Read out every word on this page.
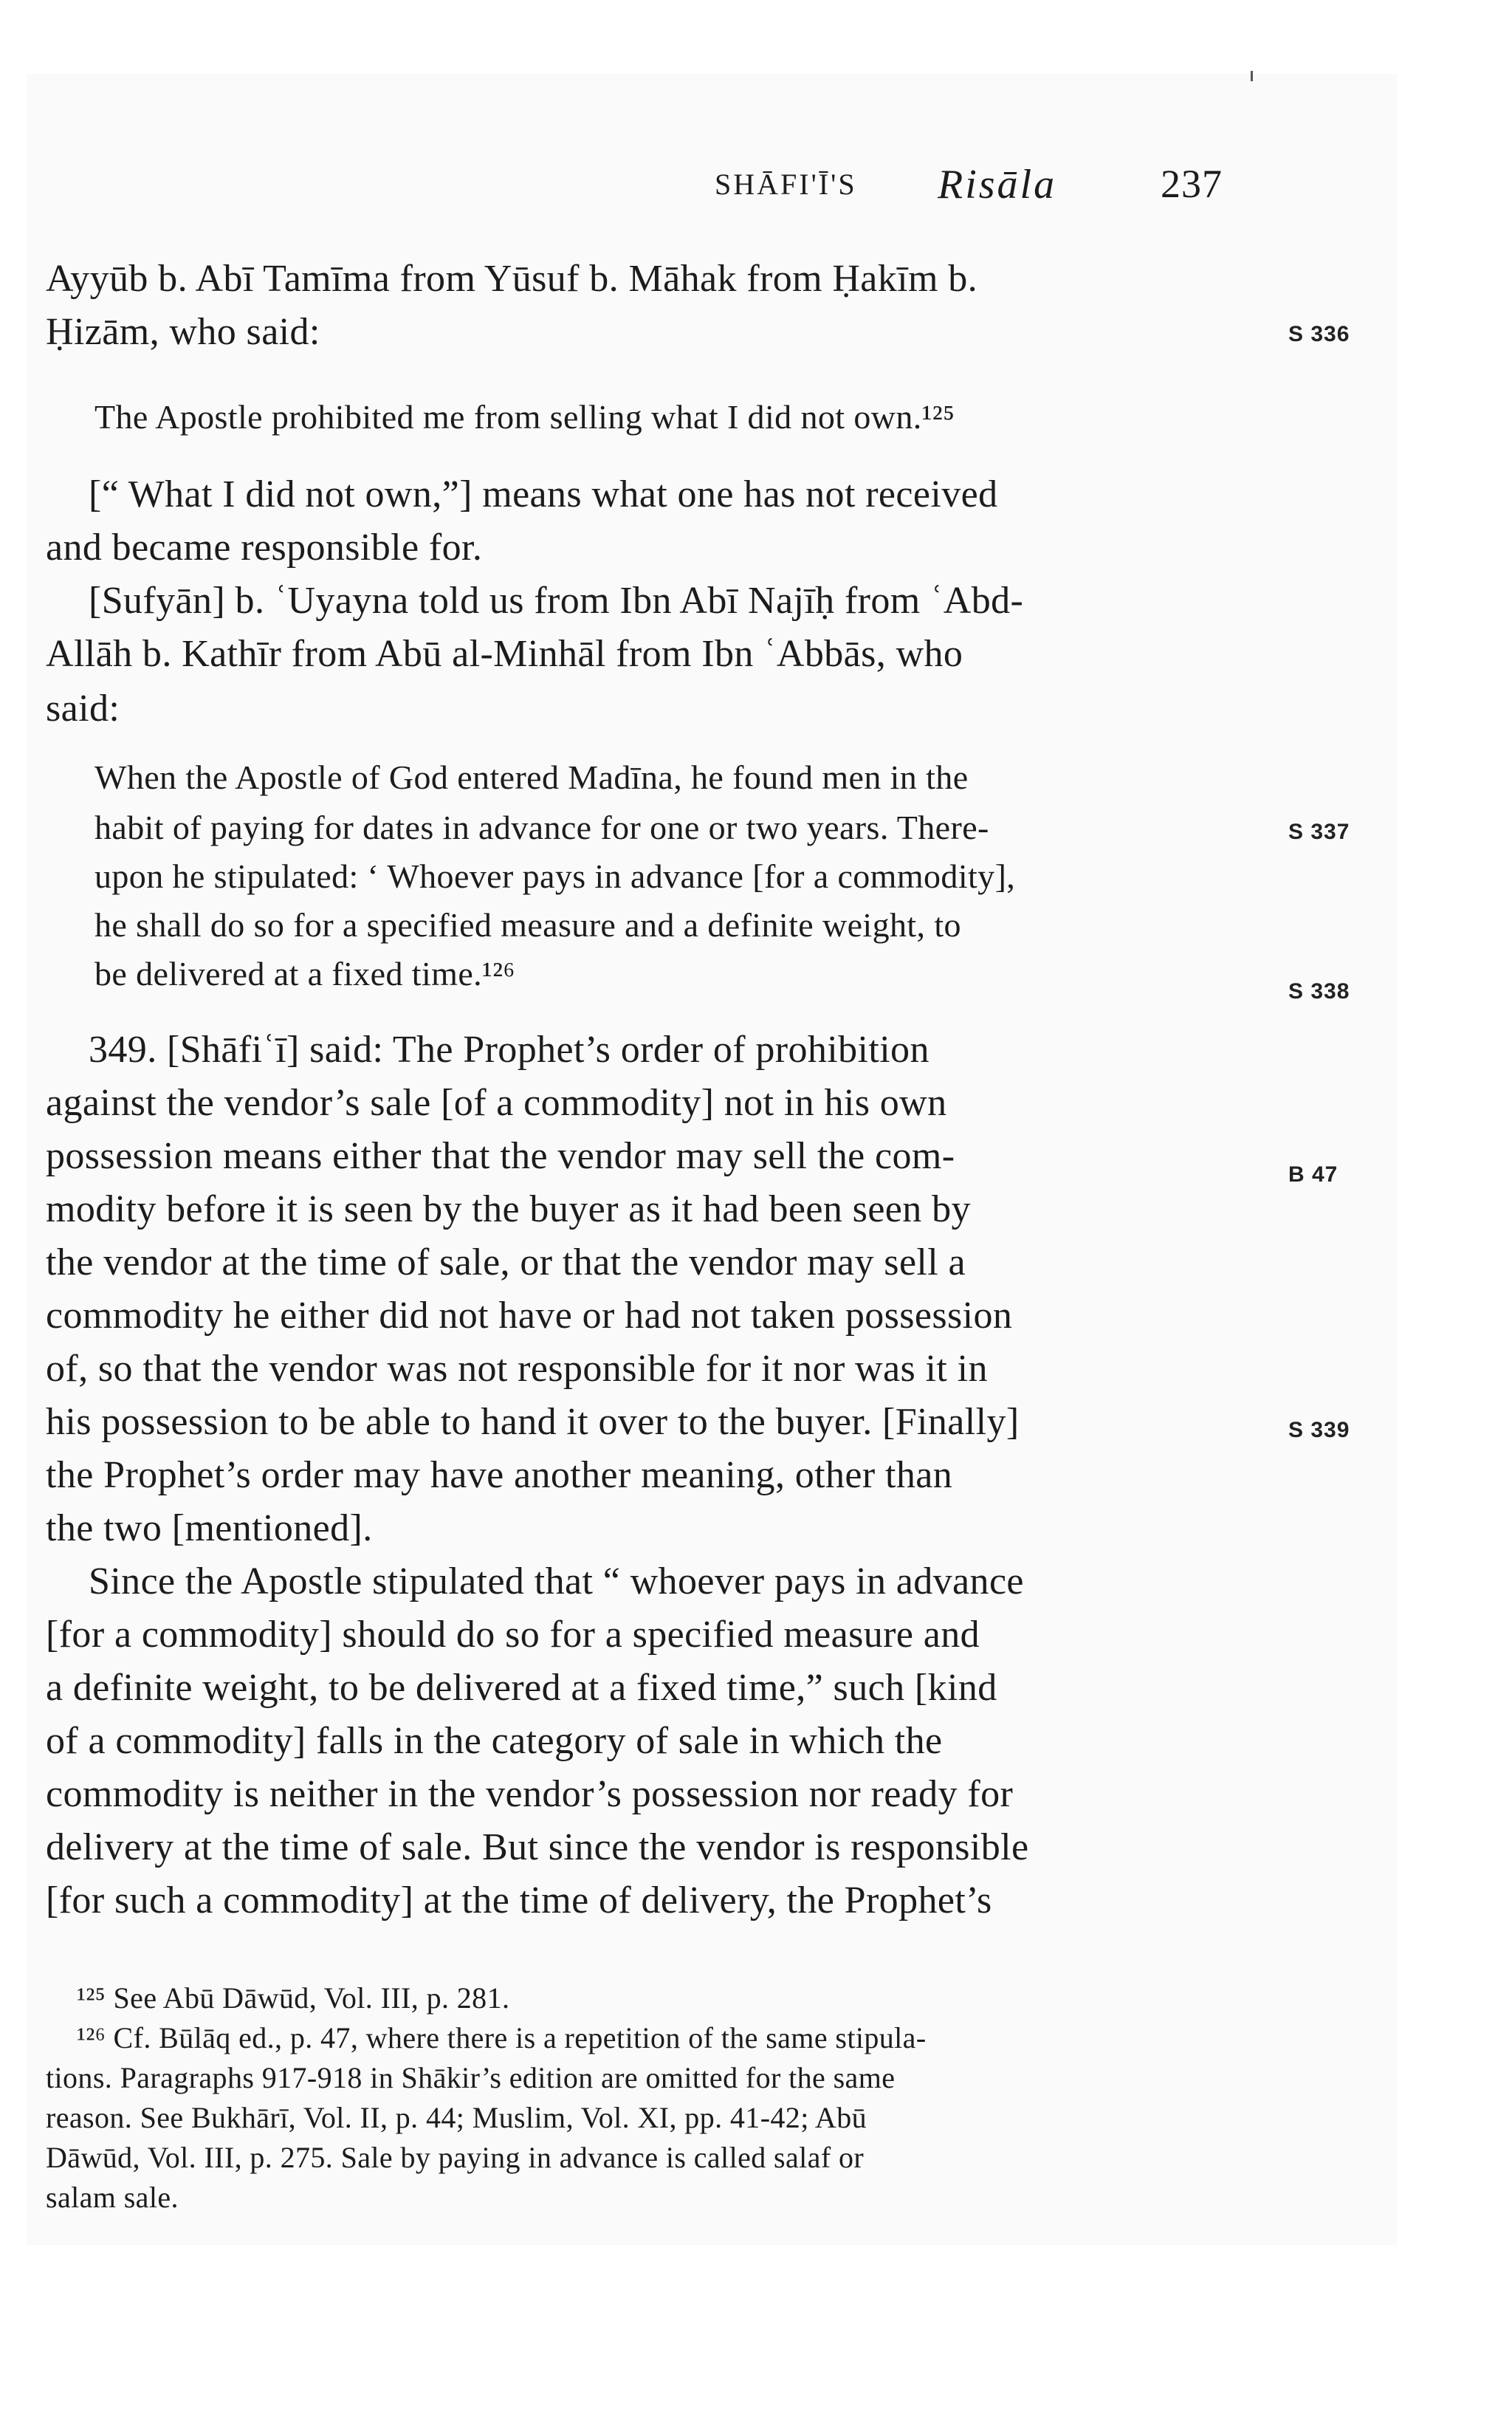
SHĀFI'Ī'S Risāla	237
Ayyūb b. Abī Tamīma from Yūsuf b. Māhak from Ḥakīm b.
Ḥizām, who said:
The Apostle prohibited me from selling what I did not own.¹²⁵
[“ What I did not own,”] means what one has not received
and became responsible for.
[Sufyān] b. ʿUyayna told us from Ibn Abī Najīḥ from ʿAbd-
Allāh b. Kathīr from Abū al-Minhāl from Ibn ʿAbbās, who
said:
When the Apostle of God entered Madīna, he found men in the
habit of paying for dates in advance for one or two years. There-
upon he stipulated: ‘ Whoever pays in advance [for a commodity],
he shall do so for a specified measure and a definite weight, to
be delivered at a fixed time.¹²⁶
349. [Shāfiʿī] said: The Prophet’s order of prohibition
against the vendor’s sale [of a commodity] not in his own
possession means either that the vendor may sell the com-
modity before it is seen by the buyer as it had been seen by
the vendor at the time of sale, or that the vendor may sell a
commodity he either did not have or had not taken possession
of, so that the vendor was not responsible for it nor was it in
his possession to be able to hand it over to the buyer. [Finally]
the Prophet’s order may have another meaning, other than
the two [mentioned].
Since the Apostle stipulated that “ whoever pays in advance
[for a commodity] should do so for a specified measure and
a definite weight, to be delivered at a fixed time,” such [kind
of a commodity] falls in the category of sale in which the
commodity is neither in the vendor’s possession nor ready for
delivery at the time of sale. But since the vendor is responsible
[for such a commodity] at the time of delivery, the Prophet’s
¹²⁵ See Abū Dāwūd, Vol. III, p. 281.
¹²⁶ Cf. Būlāq ed., p. 47, where there is a repetition of the same stipula-
tions. Paragraphs 917-918 in Shākir’s edition are omitted for the same
reason. See Bukhārī, Vol. II, p. 44; Muslim, Vol. XI, pp. 41-42; Abū
Dāwūd, Vol. III, p. 275. Sale by paying in advance is called salaf or
salam sale.
S 336
S 337
S 338
B 47
S 339
